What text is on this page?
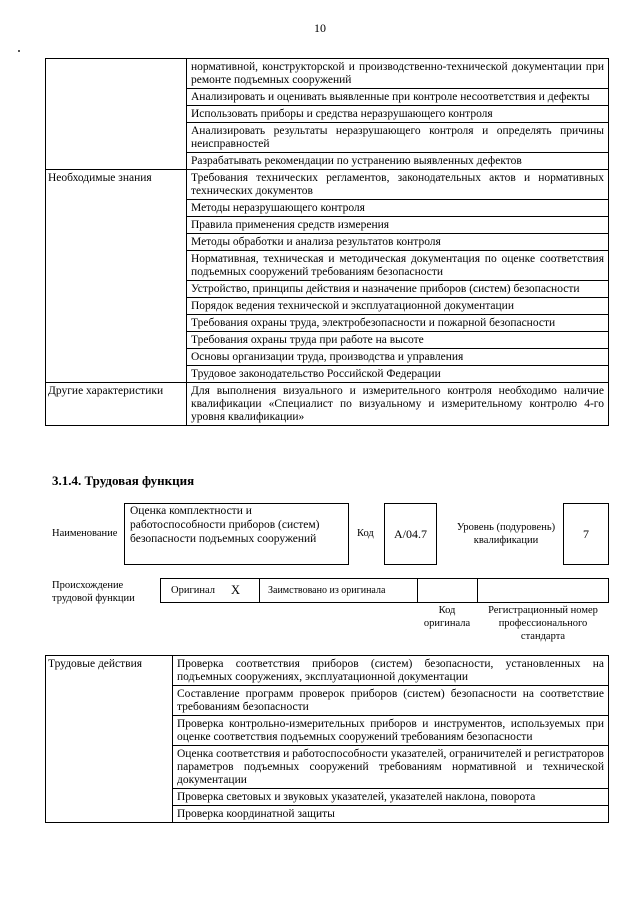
10
	нормативной, конструкторской и производственно-технической документации при ремонте подъемных сооружений
	Анализировать и оценивать выявленные при контроле несоответствия и дефекты
	Использовать приборы и средства неразрушающего контроля
	Анализировать результаты неразрушающего контроля и определять причины неисправностей
	Разрабатывать рекомендации по устранению выявленных дефектов
Необходимые знания	Требования технических регламентов, законодательных актов и нормативных технических документов
	Методы неразрушающего контроля
	Правила применения средств измерения
	Методы обработки и анализа результатов контроля
	Нормативная, техническая и методическая документация по оценке соответствия подъемных сооружений требованиям безопасности
	Устройство, принципы действия и назначение приборов (систем) безопасности
	Порядок ведения технической и эксплуатационной документации
	Требования охраны труда, электробезопасности и пожарной безопасности
	Требования охраны труда при работе на высоте
	Основы организации труда, производства и управления
	Трудовое законодательство Российской Федерации
Другие характеристики	Для выполнения визуального и измерительного контроля необходимо наличие квалификации «Специалист по визуальному и измерительному контролю 4-го уровня квалификации»
3.1.4. Трудовая функция
Наименование
Оценка комплектности и работоспособности приборов (систем) безопасности подъемных сооружений	Код	A/04.7	Уровень (подуровень) квалификации	7
Происхождение трудовой функции
Оригинал X	Заимствовано из оригинала
Код оригинала
Регистрационный номер профессионального стандарта
Трудовые действия	Проверка соответствия приборов (систем) безопасности, установленных на подъемных сооружениях, эксплуатационной документации
Составление программ проверок приборов (систем) безопасности на соответствие требованиям безопасности
Проверка контрольно-измерительных приборов и инструментов, используемых при оценке соответствия подъемных сооружений требованиям безопасности
Оценка соответствия и работоспособности указателей, ограничителей и регистраторов параметров подъемных сооружений требованиям нормативной и технической документации
Проверка световых и звуковых указателей, указателей наклона, поворота
Проверка координатной защиты
